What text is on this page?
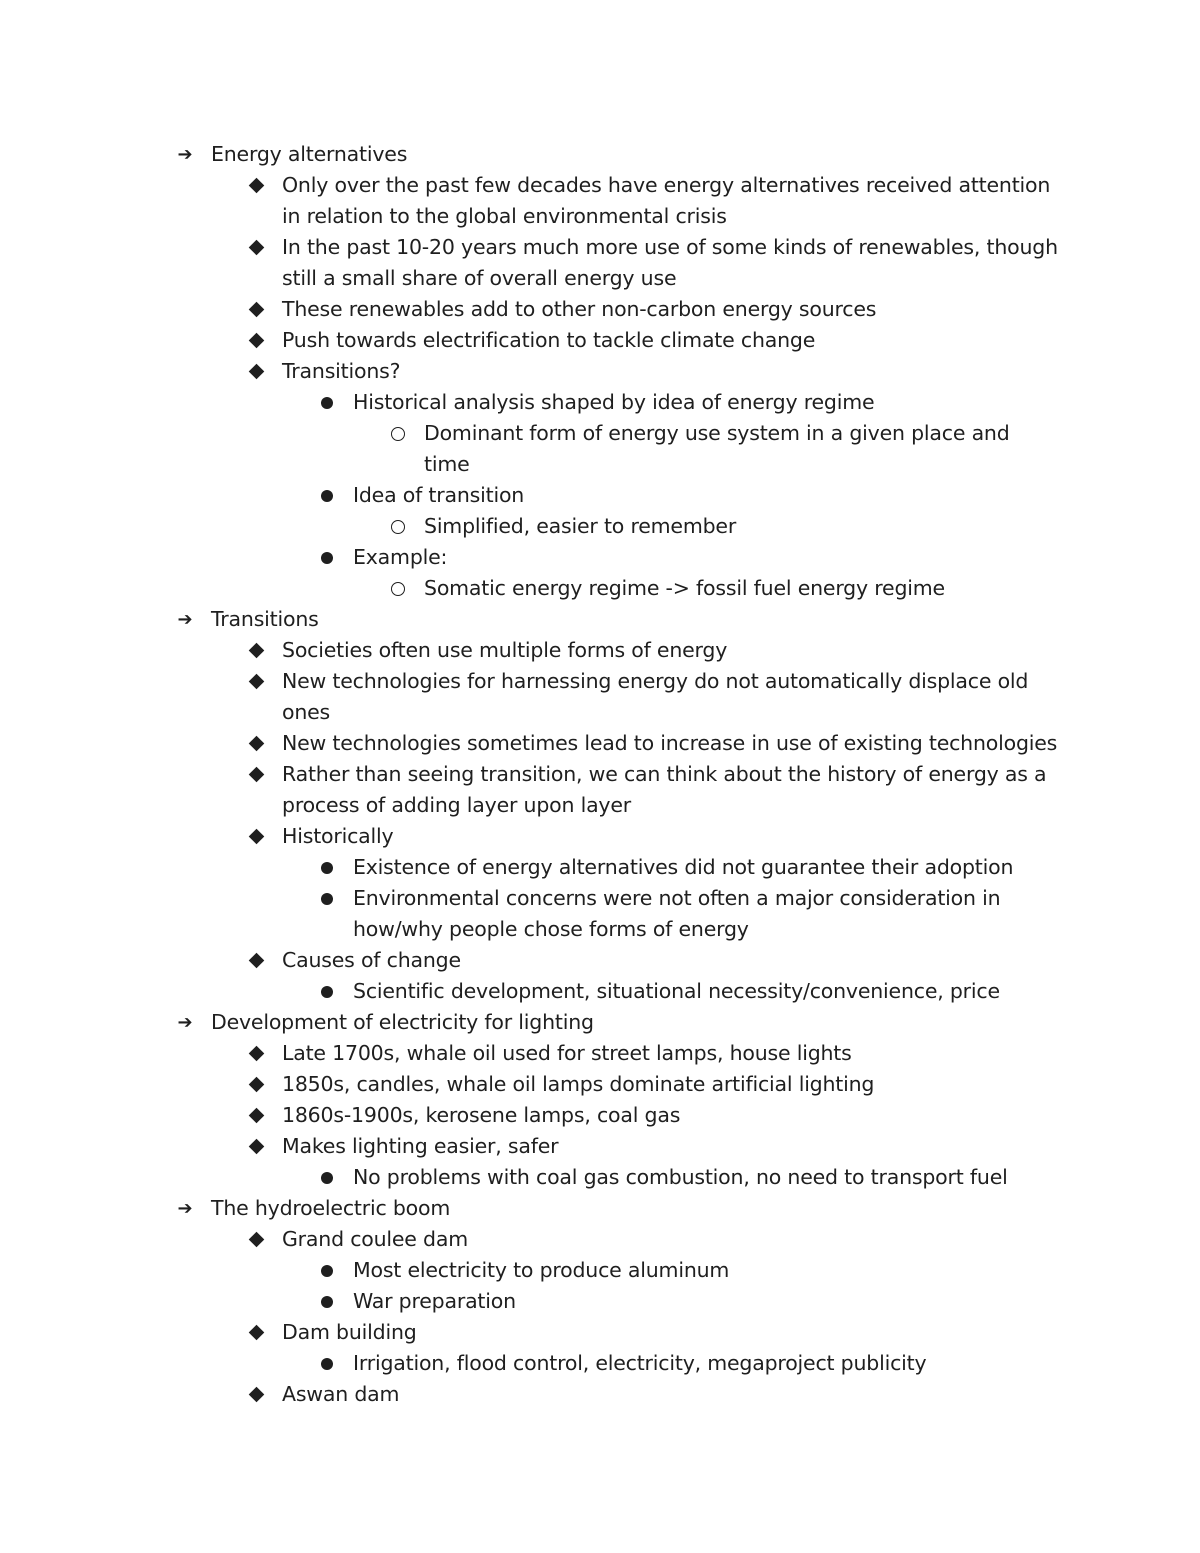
➔ Energy alternatives
Only over the past few decades have energy alternatives received attention in relation to the global environmental crisis
In the past 10-20 years much more use of some kinds of renewables, though still a small share of overall energy use
These renewables add to other non-carbon energy sources
Push towards electrification to tackle climate change
Transitions?
Historical analysis shaped by idea of energy regime
Dominant form of energy use system in a given place and time
Idea of transition
Simplified, easier to remember
Example:
Somatic energy regime -> fossil fuel energy regime
➔ Transitions
Societies often use multiple forms of energy
New technologies for harnessing energy do not automatically displace old ones
New technologies sometimes lead to increase in use of existing technologies
Rather than seeing transition, we can think about the history of energy as a process of adding layer upon layer
Historically
Existence of energy alternatives did not guarantee their adoption
Environmental concerns were not often a major consideration in how/why people chose forms of energy
Causes of change
Scientific development, situational necessity/convenience, price
➔ Development of electricity for lighting
Late 1700s, whale oil used for street lamps, house lights
1850s, candles, whale oil lamps dominate artificial lighting
1860s-1900s, kerosene lamps, coal gas
Makes lighting easier, safer
No problems with coal gas combustion, no need to transport fuel
➔ The hydroelectric boom
Grand coulee dam
Most electricity to produce aluminum
War preparation
Dam building
Irrigation, flood control, electricity, megaproject publicity
Aswan dam
